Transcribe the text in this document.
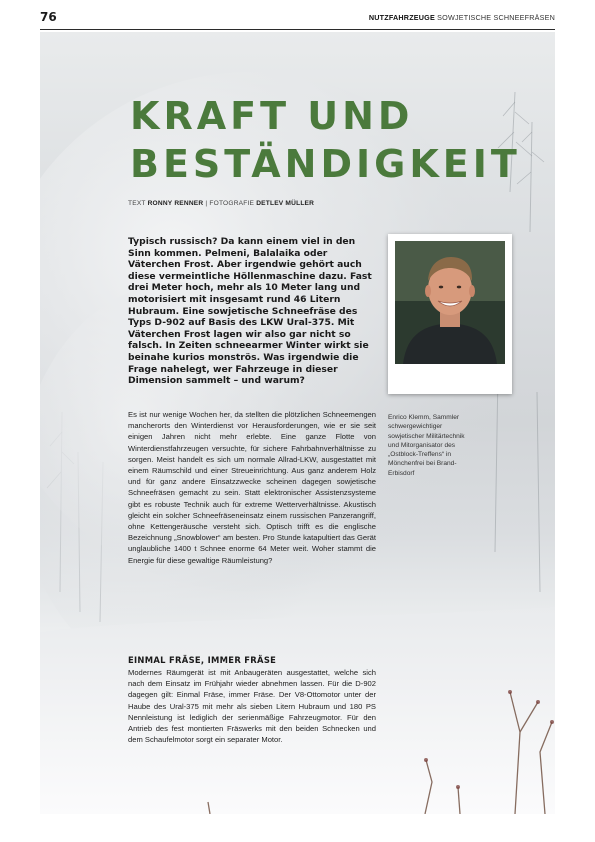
76	NUTZFAHRZEUGE SOWJETISCHE SCHNEEFRÄSEN
KRAFT UND
BESTÄNDIGKEIT
TEXT RONNY RENNER | FOTOGRAFIE DETLEV MÜLLER

Typisch russisch? Da kann einem viel in den Sinn kommen. Pelmeni, Balalaika oder Väterchen Frost. Aber irgendwie gehört auch diese vermeintliche Höllenmaschine dazu. Fast drei Meter hoch, mehr als 10 Meter lang und motorisiert mit insgesamt rund 46 Litern Hubraum. Eine sowjetische Schneefräse des Typs D-902 auf Basis des LKW Ural-375. Mit Väterchen Frost lagen wir also gar nicht so falsch. In Zeiten schneearmer Winter wirkt sie beinahe kurios monströs. Was irgendwie die Frage nahelegt, wer Fahrzeuge in dieser Dimension sammelt – und warum?

Enrico Klemm, Sammler schwergewichtiger sowjetischer Militärtechnik und Mitorganisator des „Ostblock-Treffens“ in Mönchenfrei bei Brand-Erbisdorf

Es ist nur wenige Wochen her, da stellten die plötzlichen Schneemengen mancherorts den Winterdienst vor Herausforderungen, wie er sie seit einigen Jahren nicht mehr erlebte. Eine ganze Flotte von Winterdienstfahrzeugen versuchte, für sichere Fahrbahnverhältnisse zu sorgen. Meist handelt es sich um normale Allrad-LKW, ausgestattet mit einem Räumschild und einer Streueinrichtung. Aus ganz anderem Holz und für ganz andere Einsatzzwecke scheinen dagegen sowjetische Schneefräsen gemacht zu sein. Statt elektronischer Assistenzsysteme gibt es robuste Technik auch für extreme Wetterverhältnisse. Akustisch gleicht ein solcher Schneefräseneinsatz einem russischen Panzerangriff, ohne Kettengeräusche versteht sich. Optisch trifft es die englische Bezeichnung „Snowblower“ am besten. Pro Stunde katapultiert das Gerät unglaubliche 1400 t Schnee enorme 64 Meter weit. Woher stammt die Energie für diese gewaltige Räumleistung?

EINMAL FRÄSE, IMMER FRÄSE

Modernes Räumgerät ist mit Anbaugeräten ausgestattet, welche sich nach dem Einsatz im Frühjahr wieder abnehmen lassen. Für die D-902 dagegen gilt: Einmal Fräse, immer Fräse. Der V8-Ottomotor unter der Haube des Ural-375 mit mehr als sieben Litern Hubraum und 180 PS Nennleistung ist lediglich der serienmäßige Fahrzeugmotor. Für den Antrieb des fest montierten Fräswerks mit den beiden Schnecken und dem Schaufelmotor sorgt ein separater Motor.
